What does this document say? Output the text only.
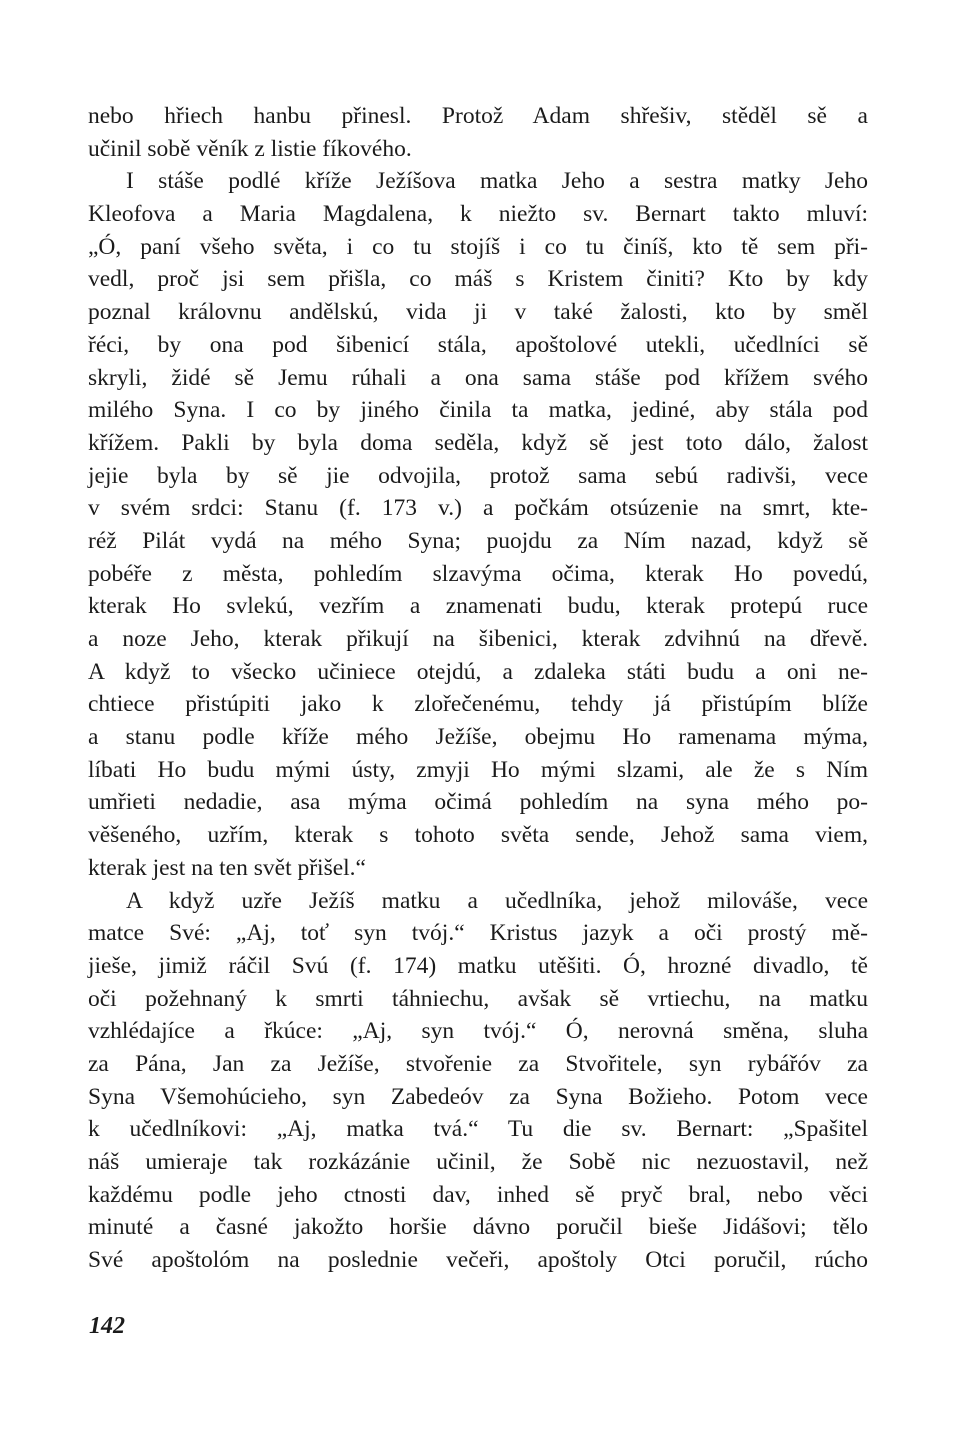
nebo hřiech hanbu přinesl. Protož Adam shřešiv, stěděl sě a
učinil sobě věník z listie fíkového.
I stáše podlé kříže Ježíšova matka Jeho a sestra matky Jeho
Kleofova a Maria Magdalena, k niežto sv. Bernart takto mluví:
„Ó, paní všeho světa, i co tu stojíš i co tu činíš, kto tě sem při-
vedl, proč jsi sem přišla, co máš s Kristem činiti? Kto by kdy
poznal královnu andělskú, vida ji v také žalosti, kto by směl
řéci, by ona pod šibenicí stála, apoštolové utekli, učedlníci sě
skryli, židé sě Jemu rúhali a ona sama stáše pod křížem svého
milého Syna. I co by jiného činila ta matka, jediné, aby stála pod
křížem. Pakli by byla doma seděla, když sě jest toto dálo, žalost
jejie byla by sě jie odvojila, protož sama sebú radivši, vece
v svém srdci: Stanu (f. 173 v.) a počkám otsúzenie na smrt, kte-
réž Pilát vydá na mého Syna; puojdu za Ním nazad, když sě
pobéře z města, pohledím slzavýma očima, kterak Ho povedú,
kterak Ho svlekú, vezřím a znamenati budu, kterak protepú ruce
a noze Jeho, kterak přikují na šibenici, kterak zdvihnú na dřevě.
A když to všecko učiniece otejdú, a zdaleka státi budu a oni ne-
chtiece přistúpiti jako k zlořečenému, tehdy já přistúpím blíže
a stanu podle kříže mého Ježíše, obejmu Ho ramenama mýma,
líbati Ho budu mými ústy, zmyji Ho mými slzami, ale že s Ním
umřieti nedadie, asa mýma očimá pohledím na syna mého po-
věšeného, uzřím, kterak s tohoto světa sende, Jehož sama viem,
kterak jest na ten svět přišel.“
A když uzře Ježíš matku a učedlníka, jehož milováše, vece
matce Své: „Aj, toť syn tvój.“ Kristus jazyk a oči prostý mě-
jieše, jimiž ráčil Svú (f. 174) matku utěšiti. Ó, hrozné divadlo, tě
oči požehnaný k smrti táhniechu, avšak sě vrtiechu, na matku
vzhlédajíce a řkúce: „Aj, syn tvój.“ Ó, nerovná směna, sluha
za Pána, Jan za Ježíše, stvořenie za Stvořitele, syn rybářóv za
Syna Všemohúcieho, syn Zabedeóv za Syna Božieho. Potom vece
k učedlníkovi: „Aj, matka tvá.“ Tu die sv. Bernart: „Spašitel
náš umieraje tak rozkázánie učinil, že Sobě nic nezuostavil, než
každému podle jeho ctnosti dav, inhed sě pryč bral, nebo věci
minuté a časné jakožto horšie dávno poručil bieše Jidášovi; tělo
Své apoštolóm na poslednie večeři, apoštoly Otci poručil, rúcho
142
